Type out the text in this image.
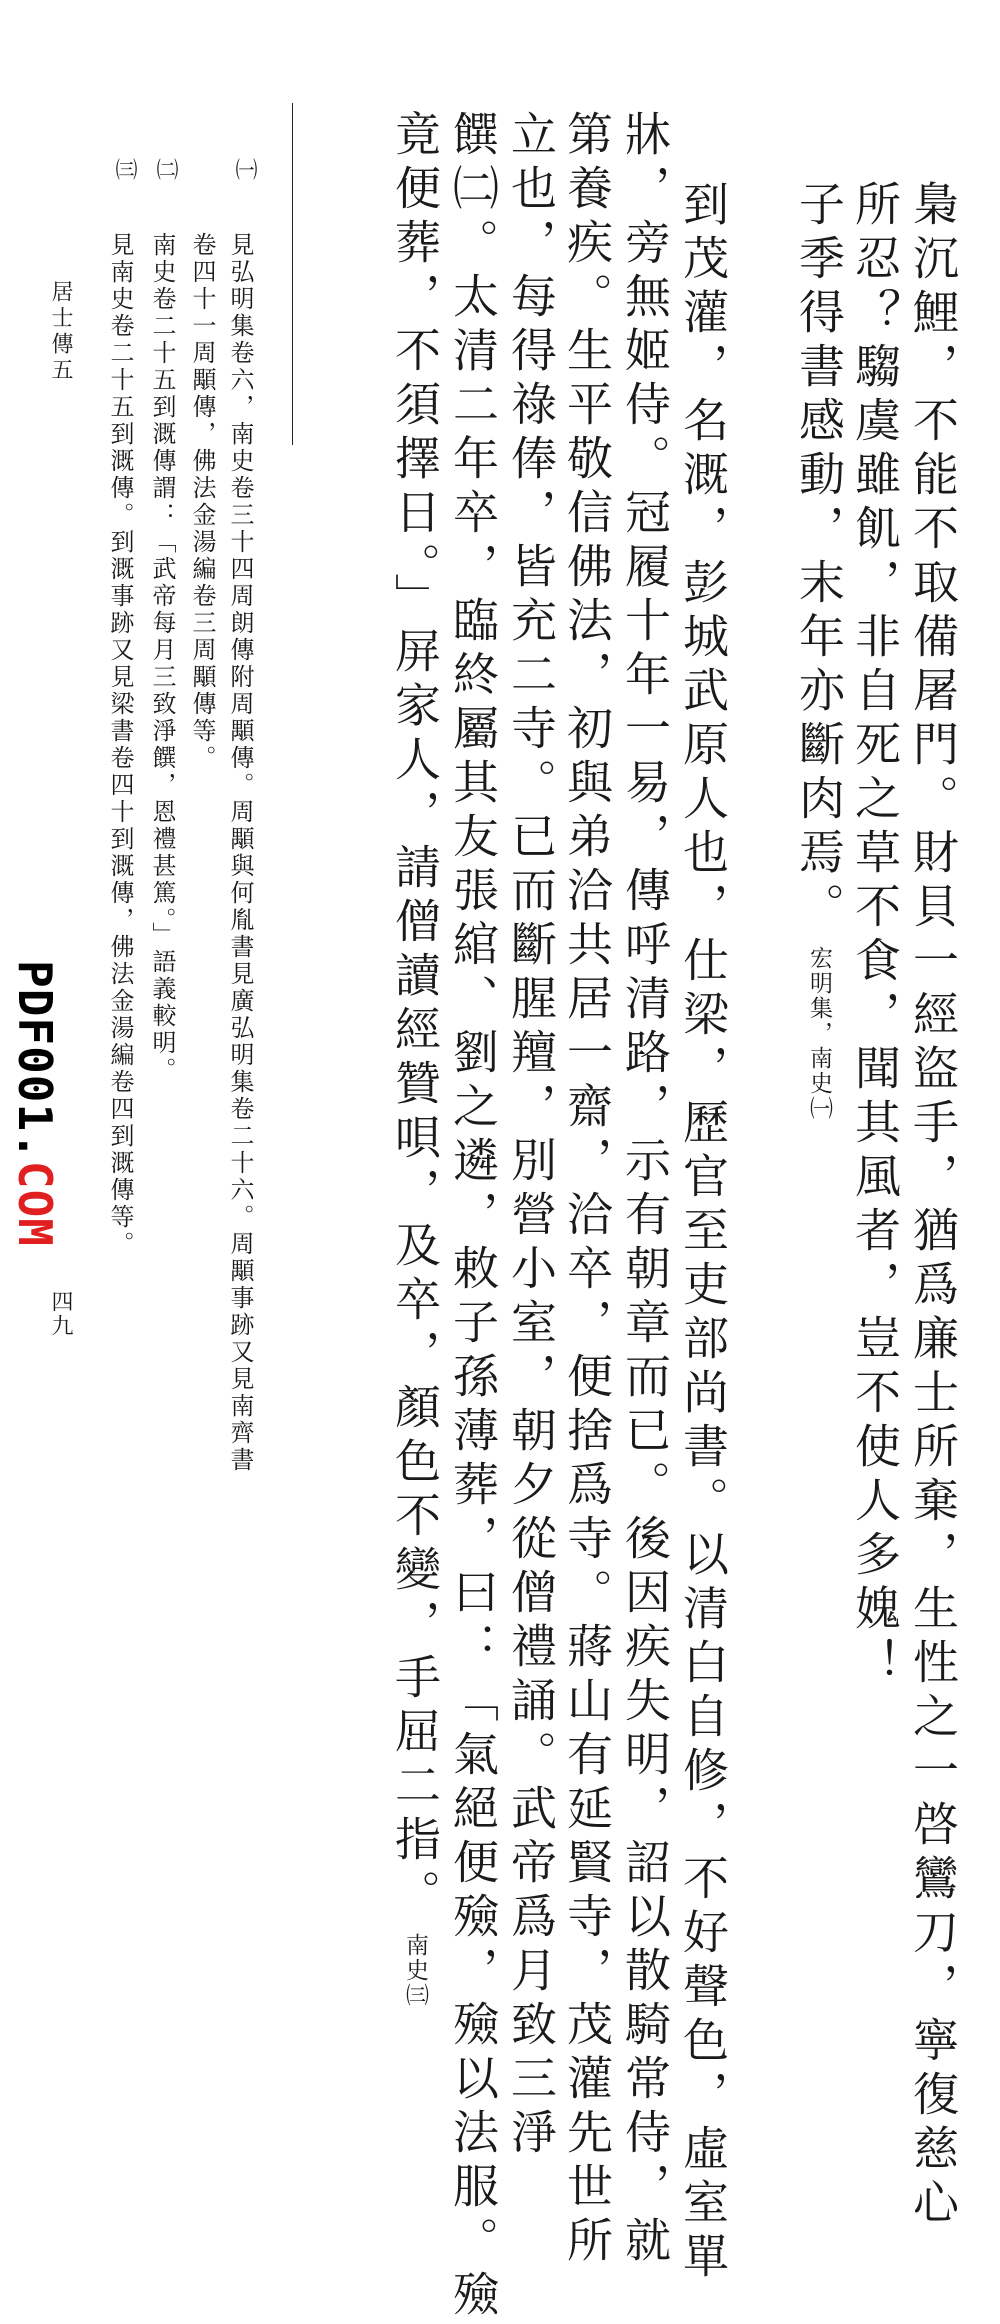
梟沉鯉，不能不取備屠門。財貝一經盜手，猶爲廉士所棄，生性之一啓鸞刀，寧復慈心
所忍？騶虞雖飢，非自死之草不食，聞其風者，豈不使人多媿！
子季得書感動，末年亦斷肉焉。宏明集，南史㈠
到茂灌，名溉，彭城武原人也，仕梁，歷官至吏部尚書。以清白自修，不好聲色，虛室單
牀，旁無姬侍。冠履十年一易，傳呼清路，示有朝章而已。後因疾失明，詔以散騎常侍，就
第養疾。生平敬信佛法，初與弟洽共居一齋，洽卒，便捨爲寺。蔣山有延賢寺，茂灌先世所
立也，每得祿俸，皆充二寺。已而斷腥羶，別營小室，朝夕從僧禮誦。武帝爲月致三淨
饌㈡。太清二年卒，臨終屬其友張綰、劉之遴，敕子孫薄葬，曰：「氣絕便殮，殮以法服。殮
竟便葬，不須擇日。」屏家人，請僧讀經贊唄，及卒，顏色不變，手屈二指。南史㈢
㈠
見弘明集卷六，南史卷三十四周朗傳附周顒傳。周顒與何胤書見廣弘明集卷二十六。周顒事跡又見南齊書
卷四十一周顒傳，佛法金湯編卷三周顒傳等。
㈡
南史卷二十五到溉傳謂：「武帝每月三致淨饌，恩禮甚篤。」語義較明。
㈢
見南史卷二十五到溉傳。到溉事跡又見梁書卷四十到溉傳，佛法金湯編卷四到溉傳等。
居士傳五
四九
PDF001.COM
